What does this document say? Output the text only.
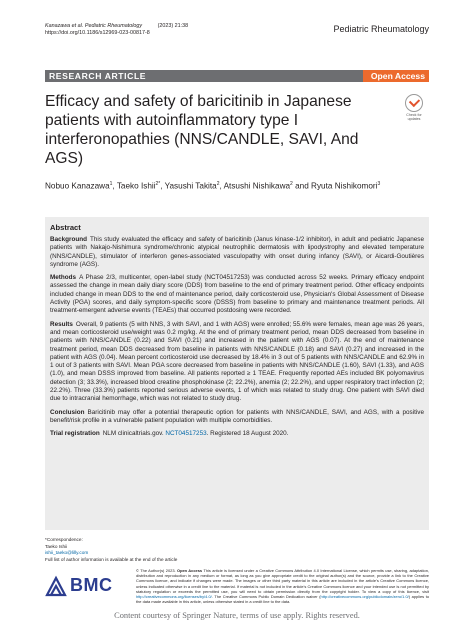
Kanazawa et al. Pediatric Rheumatology	(2023) 21:38
https://doi.org/10.1186/s12969-023-00817-8	Pediatric Rheumatology
RESEARCH ARTICLE	Open Access
Efficacy and safety of baricitinib in Japanese patients with autoinflammatory type I interferonopathies (NNS/CANDLE, SAVI, And AGS)
Check for
updates
Nobuo Kanazawa$^1$, Taeko Ishii$^{2*}$, Yasushi Takita$^2$, Atsushi Nishikawa$^2$ and Ryuta Nishikomori$^3$
Abstract

Background This study evaluated the efficacy and safety of baricitinib (Janus kinase-1/2 inhibitor), in adult and pediatric Japanese patients with Nakajo-Nishimura syndrome/chronic atypical neutrophilic dermatosis with lipodystrophy and elevated temperature (NNS/CANDLE), stimulator of interferon genes-associated vasculopathy with onset during infancy (SAVI), or Aicardi-Goutières syndrome (AGS).

Methods A Phase 2/3, multicenter, open-label study (NCT04517253) was conducted across 52 weeks. Primary efficacy endpoint assessed the change in mean daily diary score (DDS) from baseline to the end of primary treatment period. Other efficacy endpoints included change in mean DDS to the end of maintenance period, daily corticosteroid use, Physician's Global Assessment of Disease Activity (PGA) scores, and daily symptom-specific score (DSSS) from baseline to primary and maintenance treatment periods. All treatment-emergent adverse events (TEAEs) that occurred postdosing were recorded.

Results Overall, 9 patients (5 with NNS, 3 with SAVI, and 1 with AGS) were enrolled; 55.6% were females, mean age was 26 years, and mean corticosteroid use/weight was 0.2 mg/kg. At the end of primary treatment period, mean DDS decreased from baseline in patients with NNS/CANDLE (0.22) and SAVI (0.21) and increased in the patient with AGS (0.07). At the end of maintenance treatment period, mean DDS decreased from baseline in patients with NNS/CANDLE (0.18) and SAVI (0.27) and increased in the patient with AGS (0.04). Mean percent corticosteroid use decreased by 18.4% in 3 out of 5 patients with NNS/CANDLE and 62.9% in 1 out of 3 patients with SAVI. Mean PGA score decreased from baseline in patients with NNS/CANDLE (1.60), SAVI (1.33), and AGS (1.0), and mean DSSS improved from baseline. All patients reported ≥ 1 TEAE. Frequently reported AEs included BK polyomavirus detection (3; 33.3%), increased blood creatine phosphokinase (2; 22.2%), anemia (2; 22.2%), and upper respiratory tract infection (2; 22.2%). Three (33.3%) patients reported serious adverse events, 1 of which was related to study drug. One patient with SAVI died due to intracranial hemorrhage, which was not related to study drug.

Conclusion Baricitinib may offer a potential therapeutic option for patients with NNS/CANDLE, SAVI, and AGS, with a positive benefit/risk profile in a vulnerable patient population with multiple comorbidities.

Trial registration NLM clinicaltrials.gov. NCT04517253. Registered 18 August 2020.

*Correspondence:
Taeko Ishii
ishii_taeko@lilly.com
Full list of author information is available at the end of the article
BMC
© The Author(s) 2023. Open Access This article is licensed under a Creative Commons Attribution 4.0 International License, which permits use, sharing, adaptation, distribution and reproduction in any medium or format, as long as you give appropriate credit to the original author(s) and the source, provide a link to the Creative Commons licence, and indicate if changes were made. The images or other third party material in this article are included in the article's Creative Commons licence, unless indicated otherwise in a credit line to the material. If material is not included in the article's Creative Commons licence and your intended use is not permitted by statutory regulation or exceeds the permitted use, you will need to obtain permission directly from the copyright holder. To view a copy of this licence, visit http://creativecommons.org/licenses/by/4.0/. The Creative Commons Public Domain Dedication waiver (http://creativecommons.org/publicdomain/zero/1.0/) applies to the data made available in this article, unless otherwise stated in a credit line to the data.
Content courtesy of Springer Nature, terms of use apply. Rights reserved.
